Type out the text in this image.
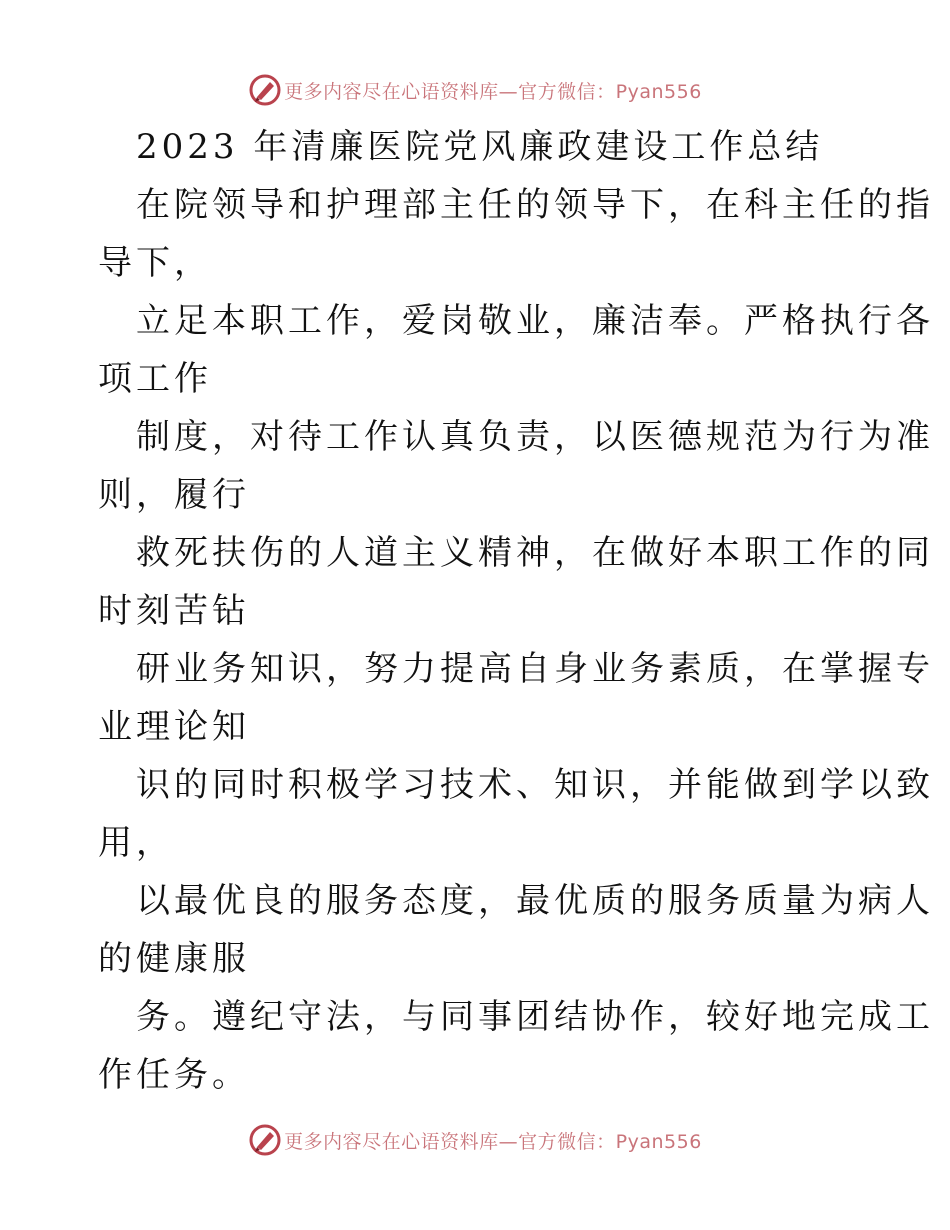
更多内容尽在心语资料库—官方微信：Pyan556
2023 年清廉医院党风廉政建设工作总结
在院领导和护理部主任的领导下，在科主任的指
导下，
立足本职工作，爱岗敬业，廉洁奉。严格执行各
项工作
制度，对待工作认真负责，以医德规范为行为准
则，履行
救死扶伤的人道主义精神，在做好本职工作的同
时刻苦钻
研业务知识，努力提高自身业务素质，在掌握专
业理论知
识的同时积极学习技术、知识，并能做到学以致
用，
以最优良的服务态度，最优质的服务质量为病人
的健康服
务。遵纪守法，与同事团结协作，较好地完成工
作任务。
更多内容尽在心语资料库—官方微信：Pyan556
